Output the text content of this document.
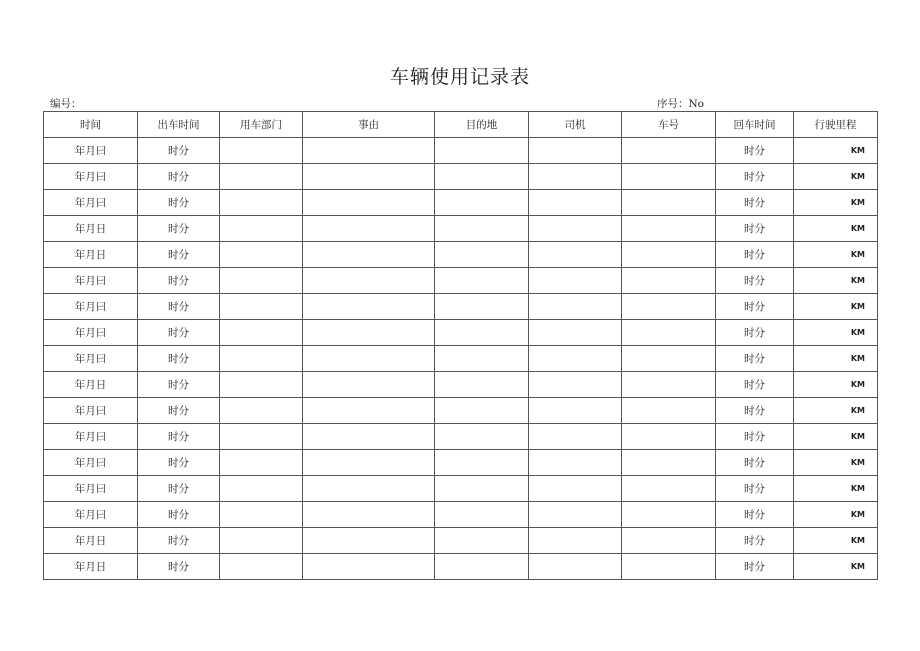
车辆使用记录表
编号：	序号：No
时间	出车时间	用车部门	事由	目的地	司机	车号	回车时间	行驶里程
年月曰	时分						时分	KM
年月曰	时分						时分	KM
年月曰	时分						时分	KM
年月日	时分						时分	KM
年月日	时分						时分	KM
年月曰	时分						时分	KM
年月曰	时分						时分	KM
年月曰	时分						时分	KM
年月曰	时分						时分	KM
年月日	时分						时分	KM
年月曰	时分						时分	KM
年月曰	时分						时分	KM
年月曰	时分						时分	KM
年月曰	时分						时分	KM
年月曰	时分						时分	KM
年月日	时分						时分	KM
年月日	时分						时分	KM
